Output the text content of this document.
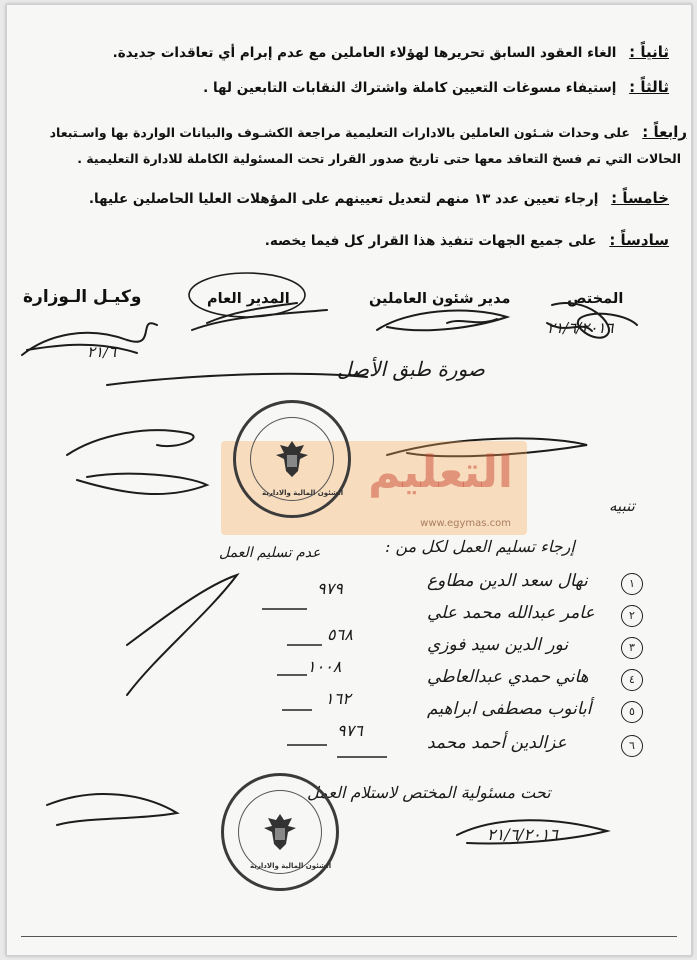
ثانياً : الغاء العقود السابق تحريرها لهؤلاء العاملين مع عدم إبرام أي تعاقدات جديدة.
ثالثاً : إستيفاء مسوغات التعيين كاملة واشتراك النقابات التابعين لها .
رابعاً : على وحدات شـئون العاملين بالادارات التعليمية مراجعة الكشـوف والبيانات الواردة بها واسـتبعاد
الحالات التي تم فسخ التعاقد معها حتى تاريخ صدور القرار تحت المسئولية الكاملة للادارة التعليمية .
خامساً : إرجاء تعيين عدد ١٣ منهم لتعديل تعيينهم على المؤهلات العليا الحاصلين عليها.
سادساً : على جميع الجهات تنفيذ هذا القرار كل فيما يخصه.
المختص
مدير شئون العاملين
المدير العام
وكيـل الـوزارة
٢١/٦/٢٠١٦
٢١/٦
صورة طبق الأصل
تنبيه
إرجاء تسليم العمل لكل من :
عدم تسليم العمل
١
نهال سعد الدين مطاوع
٩٧٩
٢
عامر عبدالله محمد علي
٣
نور الدين سيد فوزي
٥٦٨
٤
هاني حمدي عبدالعاطي
١٠٠٨
٥
أبانوب مصطفى ابراهيم
١٦٢
٦
عزالدين أحمد محمد
٩٧٦
تحت مسئولية المختص لاستلام العمل
٢١/٦/٢٠١٦
التعليم
www.egymas.com
الشئون المالية والادارية
الشئون المالية والادارية
